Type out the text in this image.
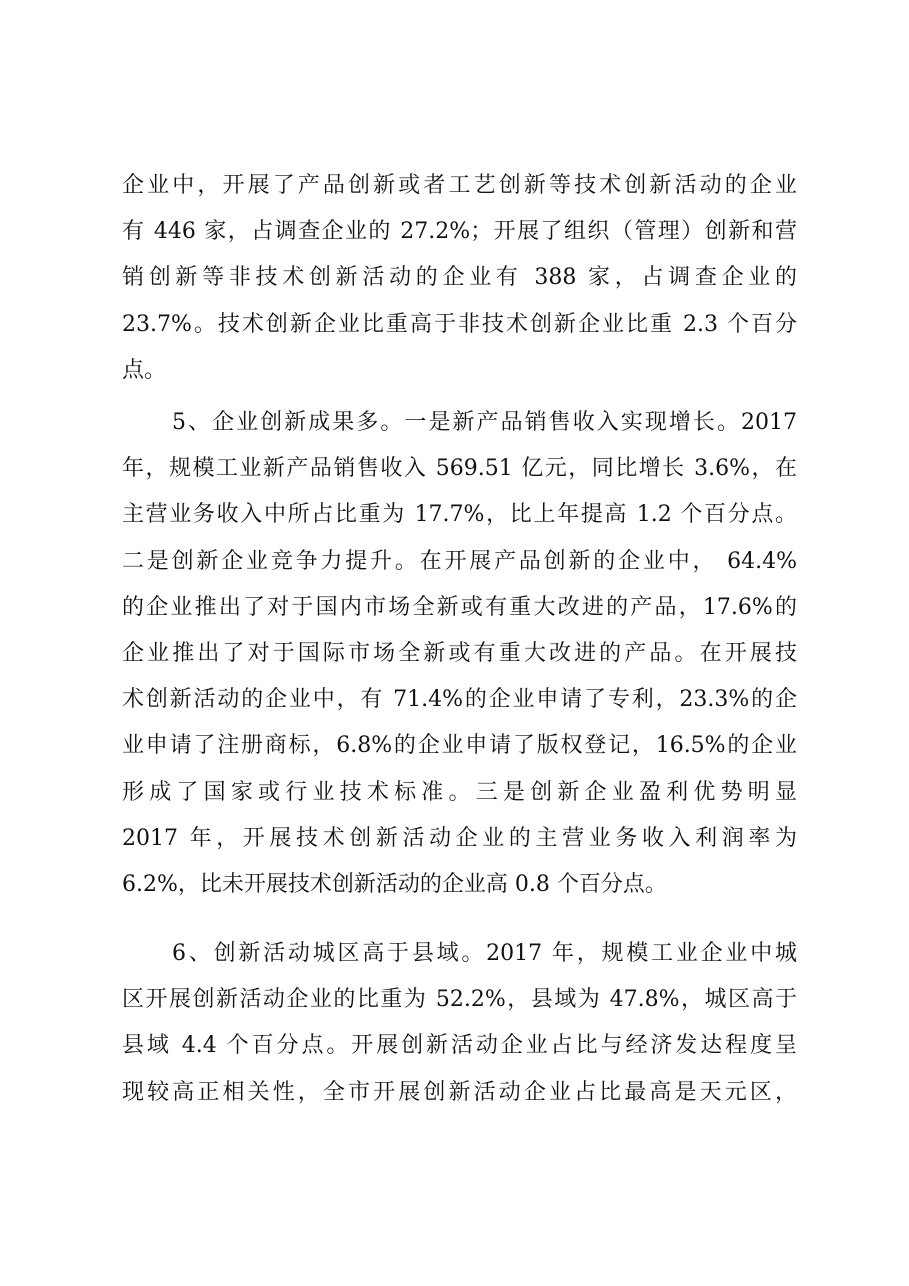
企业中，开展了产品创新或者工艺创新等技术创新活动的企业
有 446 家，占调查企业的 27.2%；开展了组织（管理）创新和营
销创新等非技术创新活动的企业有 388 家，占调查企业的
23.7%。技术创新企业比重高于非技术创新企业比重 2.3 个百分
点。
5、企业创新成果多。一是新产品销售收入实现增长。2017
年，规模工业新产品销售收入 569.51 亿元，同比增长 3.6%，在
主营业务收入中所占比重为 17.7%，比上年提高 1.2 个百分点。
二是创新企业竞争力提升。在开展产品创新的企业中， 64.4%
的企业推出了对于国内市场全新或有重大改进的产品，17.6%的
企业推出了对于国际市场全新或有重大改进的产品。在开展技
术创新活动的企业中，有 71.4%的企业申请了专利，23.3%的企
业申请了注册商标，6.8%的企业申请了版权登记，16.5%的企业
形成了国家或行业技术标准。三是创新企业盈利优势明显
2017 年，开展技术创新活动企业的主营业务收入利润率为
6.2%，比未开展技术创新活动的企业高 0.8 个百分点。
6、创新活动城区高于县域。2017 年，规模工业企业中城
区开展创新活动企业的比重为 52.2%，县域为 47.8%，城区高于
县域 4.4 个百分点。开展创新活动企业占比与经济发达程度呈
现较高正相关性，全市开展创新活动企业占比最高是天元区，
